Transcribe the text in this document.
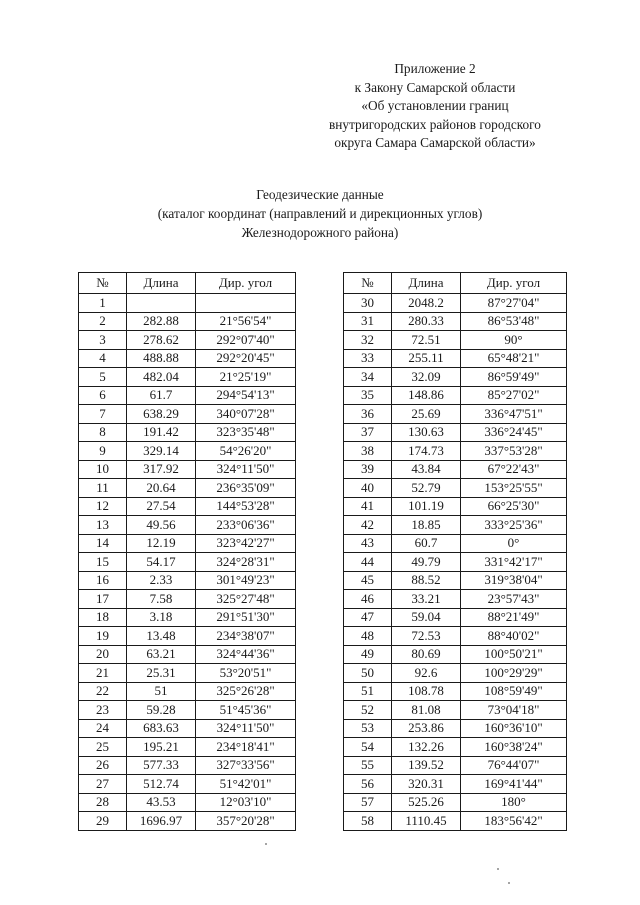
Приложение 2
к Закону Самарской области
«Об установлении границ
внутригородских районов городского
округа Самара Самарской области»
Геодезические данные
(каталог координат (направлений и дирекционных углов)
Железнодорожного района)
№	Длина	Дир. угол
1		
2	282.88	21°56'54"
3	278.62	292°07'40"
4	488.88	292°20'45"
5	482.04	21°25'19"
6	61.7	294°54'13"
7	638.29	340°07'28"
8	191.42	323°35'48"
9	329.14	54°26'20"
10	317.92	324°11'50"
11	20.64	236°35'09"
12	27.54	144°53'28"
13	49.56	233°06'36"
14	12.19	323°42'27"
15	54.17	324°28'31"
16	2.33	301°49'23"
17	7.58	325°27'48"
18	3.18	291°51'30"
19	13.48	234°38'07"
20	63.21	324°44'36"
21	25.31	53°20'51"
22	51	325°26'28"
23	59.28	51°45'36"
24	683.63	324°11'50"
25	195.21	234°18'41"
26	577.33	327°33'56"
27	512.74	51°42'01"
28	43.53	12°03'10"
29	1696.97	357°20'28"
№	Длина	Дир. угол
30	2048.2	87°27'04"
31	280.33	86°53'48"
32	72.51	90°
33	255.11	65°48'21"
34	32.09	86°59'49"
35	148.86	85°27'02"
36	25.69	336°47'51"
37	130.63	336°24'45"
38	174.73	337°53'28"
39	43.84	67°22'43"
40	52.79	153°25'55"
41	101.19	66°25'30"
42	18.85	333°25'36"
43	60.7	0°
44	49.79	331°42'17"
45	88.52	319°38'04"
46	33.21	23°57'43"
47	59.04	88°21'49"
48	72.53	88°40'02"
49	80.69	100°50'21"
50	92.6	100°29'29"
51	108.78	108°59'49"
52	81.08	73°04'18"
53	253.86	160°36'10"
54	132.26	160°38'24"
55	139.52	76°44'07"
56	320.31	169°41'44"
57	525.26	180°
58	1110.45	183°56'42"
